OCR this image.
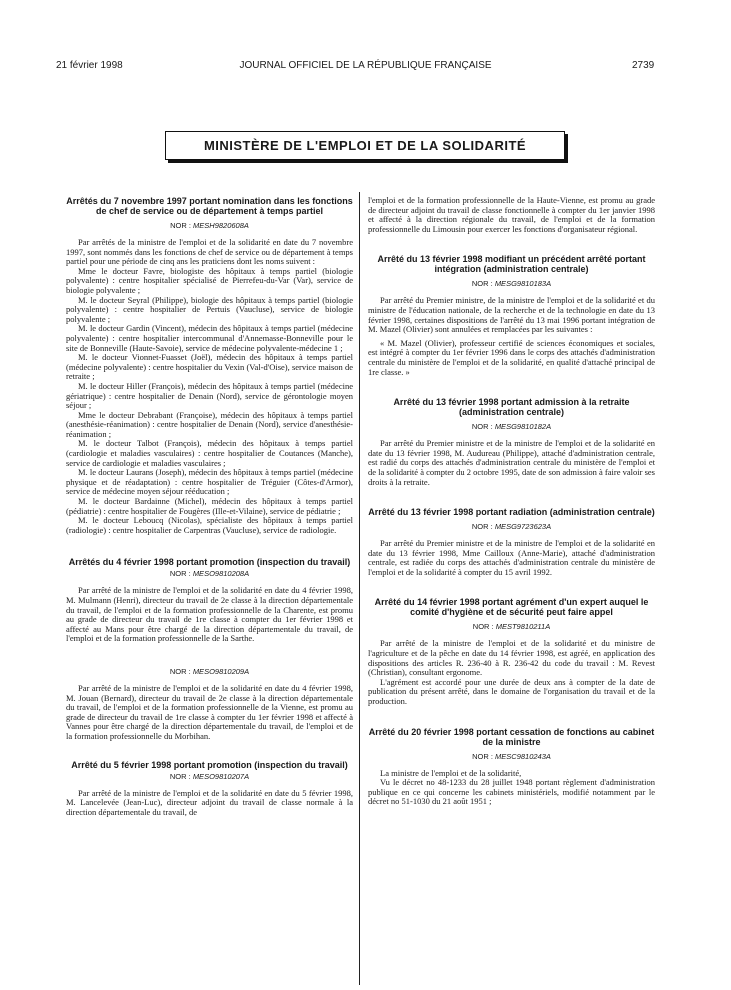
21 février 1998	JOURNAL OFFICIEL DE LA RÉPUBLIQUE FRANÇAISE	2739
MINISTÈRE DE L'EMPLOI ET DE LA SOLIDARITÉ
Arrêtés du 7 novembre 1997 portant nomination dans les fonctions de chef de service ou de département à temps partiel
NOR : MESH9820608A

Par arrêtés de la ministre de l'emploi et de la solidarité en date du 7 novembre 1997, sont nommés dans les fonctions de chef de service ou de département à temps partiel pour une période de cinq ans les praticiens dont les noms suivent :

Mme le docteur Favre, biologiste des hôpitaux à temps partiel (biologie polyvalente) : centre hospitalier spécialisé de Pierrefeu-du-Var (Var), service de biologie polyvalente ;

M. le docteur Seyral (Philippe), biologie des hôpitaux à temps partiel (biologie polyvalente) : centre hospitalier de Pertuis (Vaucluse), service de biologie polyvalente ;

M. le docteur Gardin (Vincent), médecin des hôpitaux à temps partiel (médecine polyvalente) : centre hospitalier intercommunal d'Annemasse-Bonneville pour le site de Bonneville (Haute-Savoie), service de médecine polyvalente-médecine 1 ;

M. le docteur Vionnet-Fuasset (Joël), médecin des hôpitaux à temps partiel (médecine polyvalente) : centre hospitalier du Vexin (Val-d'Oise), service maison de retraite ;

M. le docteur Hiller (François), médecin des hôpitaux à temps partiel (médecine gériatrique) : centre hospitalier de Denain (Nord), service de gérontologie moyen séjour ;

Mme le docteur Debrabant (Françoise), médecin des hôpitaux à temps partiel (anesthésie-réanimation) : centre hospitalier de Denain (Nord), service d'anesthésie-réanimation ;

M. le docteur Talbot (François), médecin des hôpitaux à temps partiel (cardiologie et maladies vasculaires) : centre hospitalier de Coutances (Manche), service de cardiologie et maladies vasculaires ;

M. le docteur Laurans (Joseph), médecin des hôpitaux à temps partiel (médecine physique et de réadaptation) : centre hospitalier de Tréguier (Côtes-d'Armor), service de médecine moyen séjour rééducation ;

M. le docteur Bardainne (Michel), médecin des hôpitaux à temps partiel (pédiatrie) : centre hospitalier de Fougères (Ille-et-Vilaine), service de pédiatrie ;

M. le docteur Leboucq (Nicolas), spécialiste des hôpitaux à temps partiel (radiologie) : centre hospitalier de Carpentras (Vaucluse), service de radiologie.

Arrêtés du 4 février 1998 portant promotion (inspection du travail)
NOR : MESO9810208A

Par arrêté de la ministre de l'emploi et de la solidarité en date du 4 février 1998, M. Mulmann (Henri), directeur du travail de 2e classe à la direction départementale du travail, de l'emploi et de la formation professionnelle de la Charente, est promu au grade de directeur du travail de 1re classe à compter du 1er février 1998 et affecté au Mans pour être chargé de la direction départementale du travail, de l'emploi et de la formation professionnelle de la Sarthe.

NOR : MESO9810209A

Par arrêté de la ministre de l'emploi et de la solidarité en date du 4 février 1998, M. Jouan (Bernard), directeur du travail de 2e classe à la direction départementale du travail, de l'emploi et de la formation professionnelle de la Vienne, est promu au grade de directeur du travail de 1re classe à compter du 1er février 1998 et affecté à Vannes pour être chargé de la direction départementale du travail, de l'emploi et de la formation professionnelle du Morbihan.

Arrêté du 5 février 1998 portant promotion (inspection du travail)
NOR : MESO9810207A

Par arrêté de la ministre de l'emploi et de la solidarité en date du 5 février 1998, M. Lancelevée (Jean-Luc), directeur adjoint du travail de classe normale à la direction départementale du travail, de

l'emploi et de la formation professionnelle de la Haute-Vienne, est promu au grade de directeur adjoint du travail de classe fonctionnelle à compter du 1er janvier 1998 et affecté à la direction régionale du travail, de l'emploi et de la formation professionnelle du Limousin pour exercer les fonctions d'organisateur régional.

Arrêté du 13 février 1998 modifiant un précédent arrêté portant intégration (administration centrale)
NOR : MESG9810183A

Par arrêté du Premier ministre, de la ministre de l'emploi et de la solidarité et du ministre de l'éducation nationale, de la recherche et de la technologie en date du 13 février 1998, certaines dispositions de l'arrêté du 13 mai 1996 portant intégration de M. Mazel (Olivier) sont annulées et remplacées par les suivantes :

« M. Mazel (Olivier), professeur certifié de sciences économiques et sociales, est intégré à compter du 1er février 1996 dans le corps des attachés d'administration centrale du ministère de l'emploi et de la solidarité, en qualité d'attaché principal de 1re classe. »

Arrêté du 13 février 1998 portant admission à la retraite (administration centrale)
NOR : MESG9810182A

Par arrêté du Premier ministre et de la ministre de l'emploi et de la solidarité en date du 13 février 1998, M. Audureau (Philippe), attaché d'administration centrale, est radié du corps des attachés d'administration centrale du ministère de l'emploi et de la solidarité à compter du 2 octobre 1995, date de son admission à faire valoir ses droits à la retraite.

Arrêté du 13 février 1998 portant radiation (administration centrale)
NOR : MESG9723623A

Par arrêté du Premier ministre et de la ministre de l'emploi et de la solidarité en date du 13 février 1998, Mme Cailloux (Anne-Marie), attaché d'administration centrale, est radiée du corps des attachés d'administration centrale du ministère de l'emploi et de la solidarité à compter du 15 avril 1992.

Arrêté du 14 février 1998 portant agrément d'un expert auquel le comité d'hygiène et de sécurité peut faire appel
NOR : MEST9810211A

Par arrêté de la ministre de l'emploi et de la solidarité et du ministre de l'agriculture et de la pêche en date du 14 février 1998, est agréé, en application des dispositions des articles R. 236-40 à R. 236-42 du code du travail : M. Revest (Christian), consultant ergonome.

L'agrément est accordé pour une durée de deux ans à compter de la date de publication du présent arrêté, dans le domaine de l'organisation du travail et de la production.

Arrêté du 20 février 1998 portant cessation de fonctions au cabinet de la ministre
NOR : MESC9810243A

La ministre de l'emploi et de la solidarité,

Vu le décret no 48-1233 du 28 juillet 1948 portant règlement d'administration publique en ce qui concerne les cabinets ministériels, modifié notamment par le décret no 51-1030 du 21 août 1951 ;
